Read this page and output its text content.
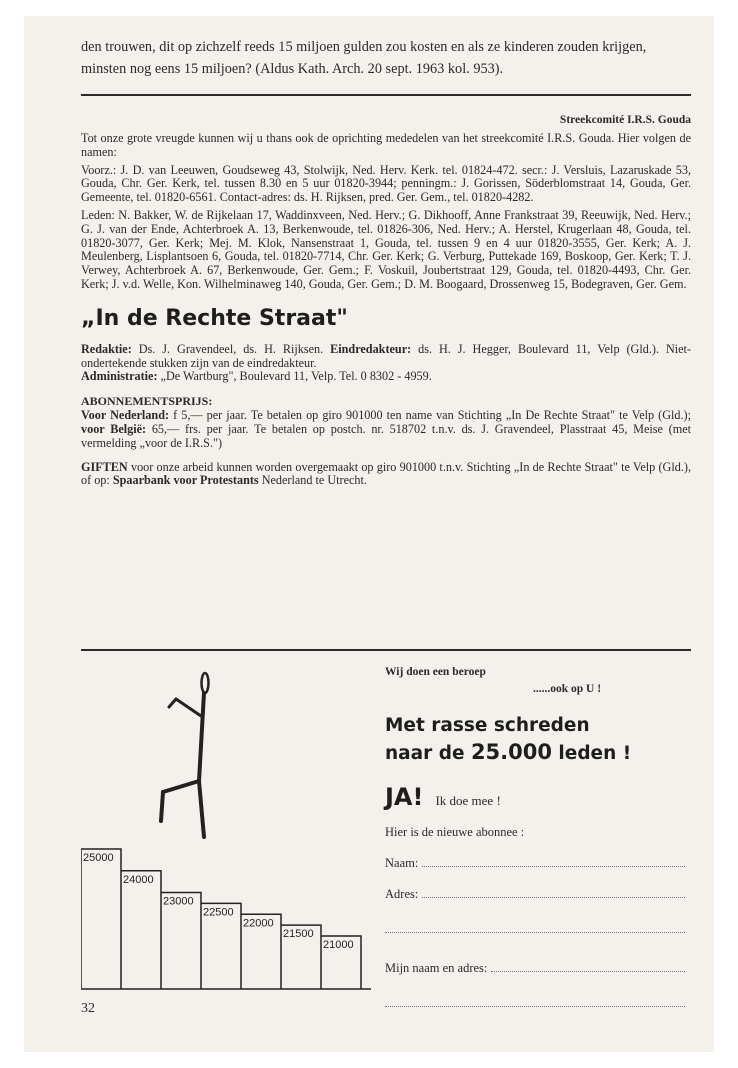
den trouwen, dit op zichzelf reeds 15 miljoen gulden zou kosten en als ze kinderen zouden krijgen, minsten nog eens 15 miljoen? (Aldus Kath. Arch. 20 sept. 1963 kol. 953).

Streekcomité I.R.S. Gouda

Tot onze grote vreugde kunnen wij u thans ook de oprichting mededelen van het streekcomité I.R.S. Gouda. Hier volgen de namen:

Voorz.: J. D. van Leeuwen, Goudseweg 43, Stolwijk, Ned. Herv. Kerk. tel. 01824-472. secr.: J. Versluis, Lazaruskade 53, Gouda, Chr. Ger. Kerk, tel. tussen 8.30 en 5 uur 01820-3944; penningm.: J. Gorissen, Söderblomstraat 14, Gouda, Ger. Gemeente, tel. 01820-6561. Contact-adres: ds. H. Rijksen, pred. Ger. Gem., tel. 01820-4282.

Leden: N. Bakker, W. de Rijkelaan 17, Waddinxveen, Ned. Herv.; G. Dikhooff, Anne Frankstraat 39, Reeuwijk, Ned. Herv.; G. J. van der Ende, Achterbroek A. 13, Berkenwoude, tel. 01826-306, Ned. Herv.; A. Herstel, Krugerlaan 48, Gouda, tel. 01820-3077, Ger. Kerk; Mej. M. Klok, Nansenstraat 1, Gouda, tel. tussen 9 en 4 uur 01820-3555, Ger. Kerk; A. J. Meulenberg, Lisplantsoen 6, Gouda, tel. 01820-7714, Chr. Ger. Kerk; G. Verburg, Puttekade 169, Boskoop, Ger. Kerk; T. J. Verwey, Achterbroek A. 67, Berkenwoude, Ger. Gem.; F. Voskuil, Joubertstraat 129, Gouda, tel. 01820-4493, Chr. Ger. Kerk; J. v.d. Welle, Kon. Wilhelminaweg 140, Gouda, Ger. Gem.; D. M. Boogaard, Drossenweg 15, Bodegraven, Ger. Gem.

„In de Rechte Straat"

Redaktie: Ds. J. Gravendeel, ds. H. Rijksen. Eindredakteur: ds. H. J. Hegger, Boulevard 11, Velp (Gld.). Niet-ondertekende stukken zijn van de eindredakteur.
Administratie: „De Wartburg", Boulevard 11, Velp. Tel. 0 8302 - 4959.

ABONNEMENTSPRIJS:

Voor Nederland: f 5,— per jaar. Te betalen op giro 901000 ten name van Stichting „In De Rechte Straat" te Velp (Gld.); voor België: 65,— frs. per jaar. Te betalen op postch. nr. 518702 t.n.v. ds. J. Gravendeel, Plasstraat 45, Meise (met vermelding „voor de I.R.S.")

GIFTEN voor onze arbeid kunnen worden overgemaakt op giro 901000 t.n.v. Stichting „In de Rechte Straat" te Velp (Gld.), of op: Spaarbank voor Protestants Nederland te Utrecht.

25000
24000
23000
22500
22000
21500
21000

Wij doen een beroep

......ook op U !

Met rasse schreden
naar de 25.000 leden !
JA! Ik doe mee !
Hier is de nieuwe abonnee :
Naam:
Adres:
Mijn naam en adres:
32
